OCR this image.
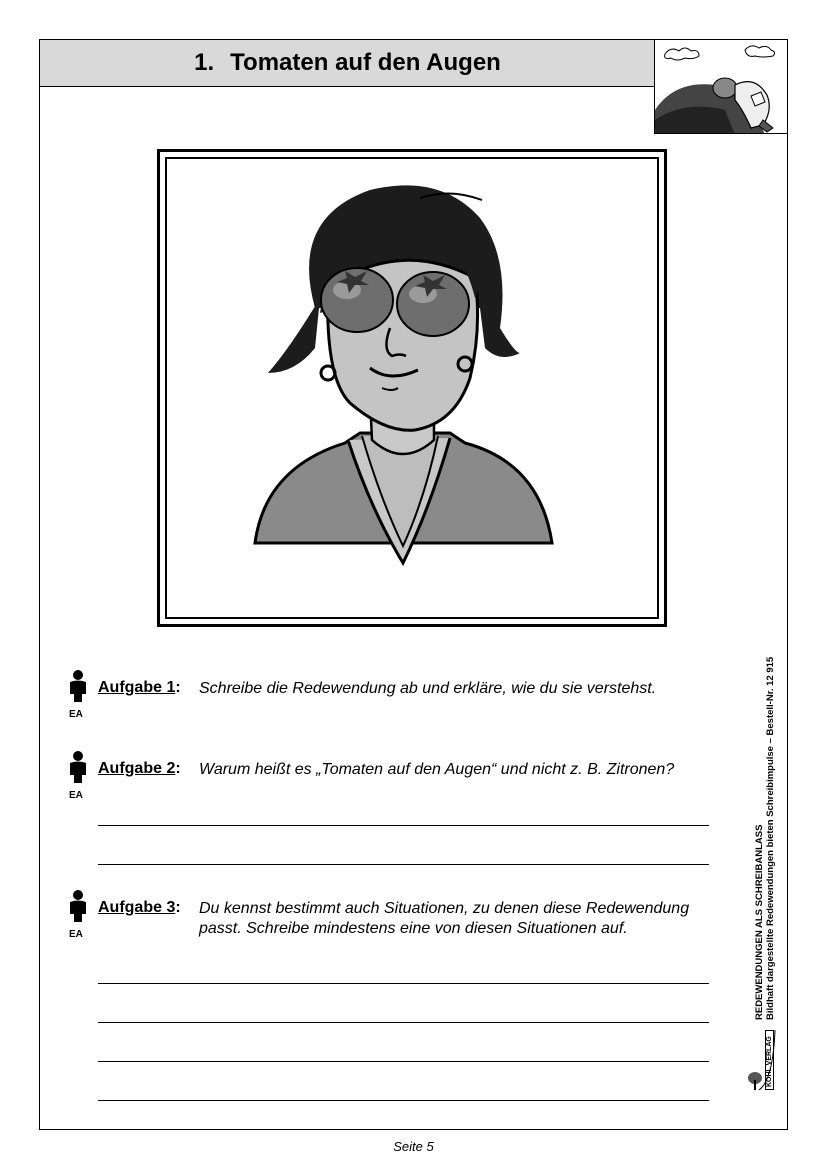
1. Tomaten auf den Augen
EA
Aufgabe 1: Schreibe die Redewendung ab und erkläre, wie du sie verstehst.
EA
Aufgabe 2: Warum heißt es „Tomaten auf den Augen“ und nicht z. B. Zitronen?
EA
Aufgabe 3: Du kennst bestimmt auch Situationen, zu denen diese Redewendung passt. Schreibe mindestens eine von diesen Situationen auf.	REDEWENDUNGEN ALS SCHREIBANLASS Bildhaft dargestellte Redewendungen bieten Schreibimpulse – Bestell-Nr. 12 915
KOHL VERLAG
Seite 5
